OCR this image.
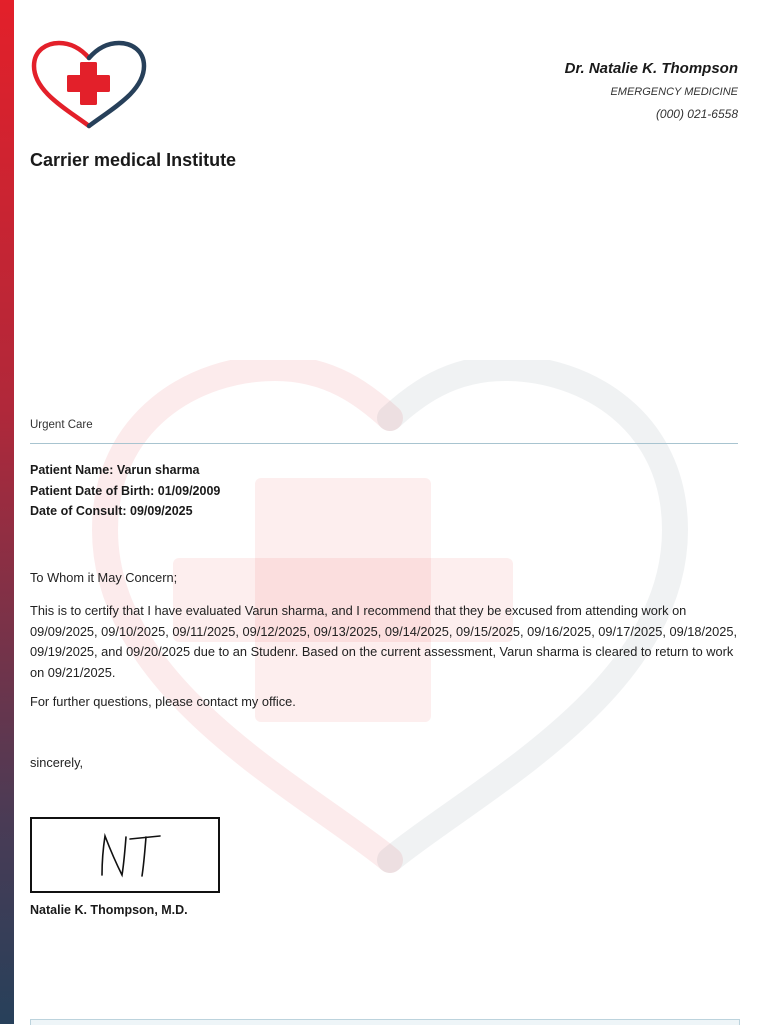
Carrier medical Institute
Dr. Natalie K. Thompson
EMERGENCY MEDICINE
(000) 021-6558
Urgent Care
Patient Name: Varun sharma
Patient Date of Birth: 01/09/2009
Date of Consult: 09/09/2025
To Whom it May Concern;
This is to certify that I have evaluated Varun sharma, and I recommend that they be excused from attending work on 09/09/2025, 09/10/2025, 09/11/2025, 09/12/2025, 09/13/2025, 09/14/2025, 09/15/2025, 09/16/2025, 09/17/2025, 09/18/2025, 09/19/2025, and 09/20/2025 due to an Studenr. Based on the current assessment, Varun sharma is cleared to return to work on 09/21/2025.
For further questions, please contact my office.
sincerely,
Natalie K. Thompson, M.D.
